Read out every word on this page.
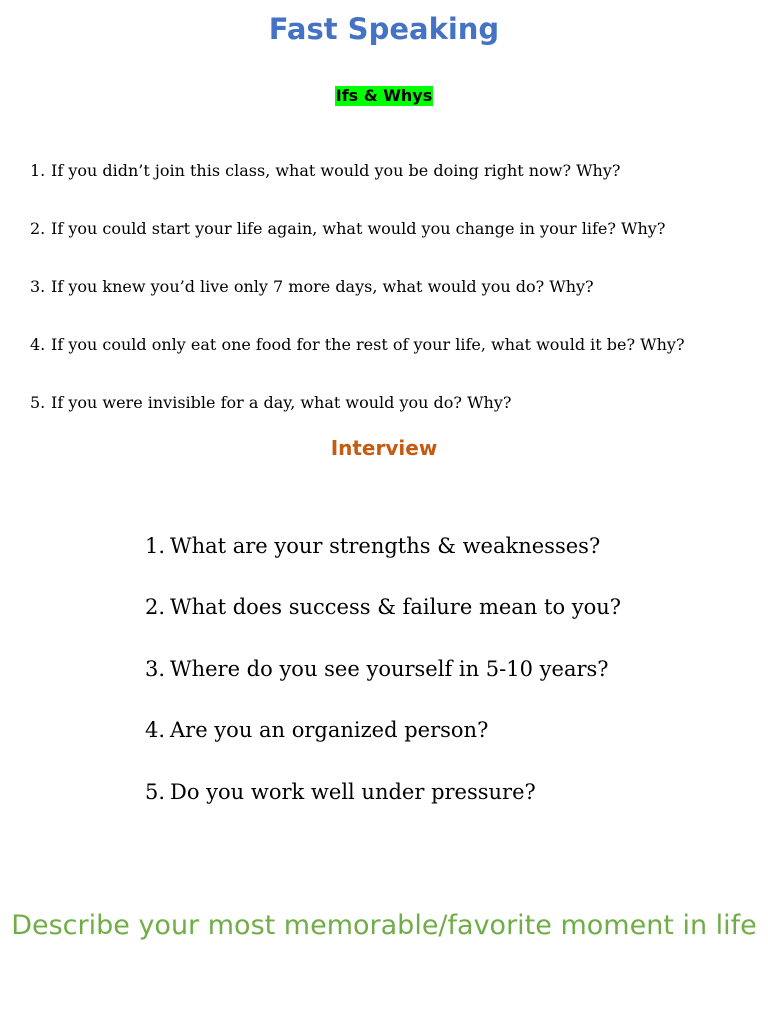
Fast Speaking
Ifs & Whys
1. If you didn’t join this class, what would you be doing right now? Why?
2. If you could start your life again, what would you change in your life? Why?
3. If you knew you’d live only 7 more days, what would you do? Why?
4. If you could only eat one food for the rest of your life, what would it be? Why?
5. If you were invisible for a day, what would you do? Why?
Interview
1. What are your strengths & weaknesses?
2. What does success & failure mean to you?
3. Where do you see yourself in 5-10 years?
4. Are you an organized person?
5. Do you work well under pressure?
Describe your most memorable/favorite moment in life
